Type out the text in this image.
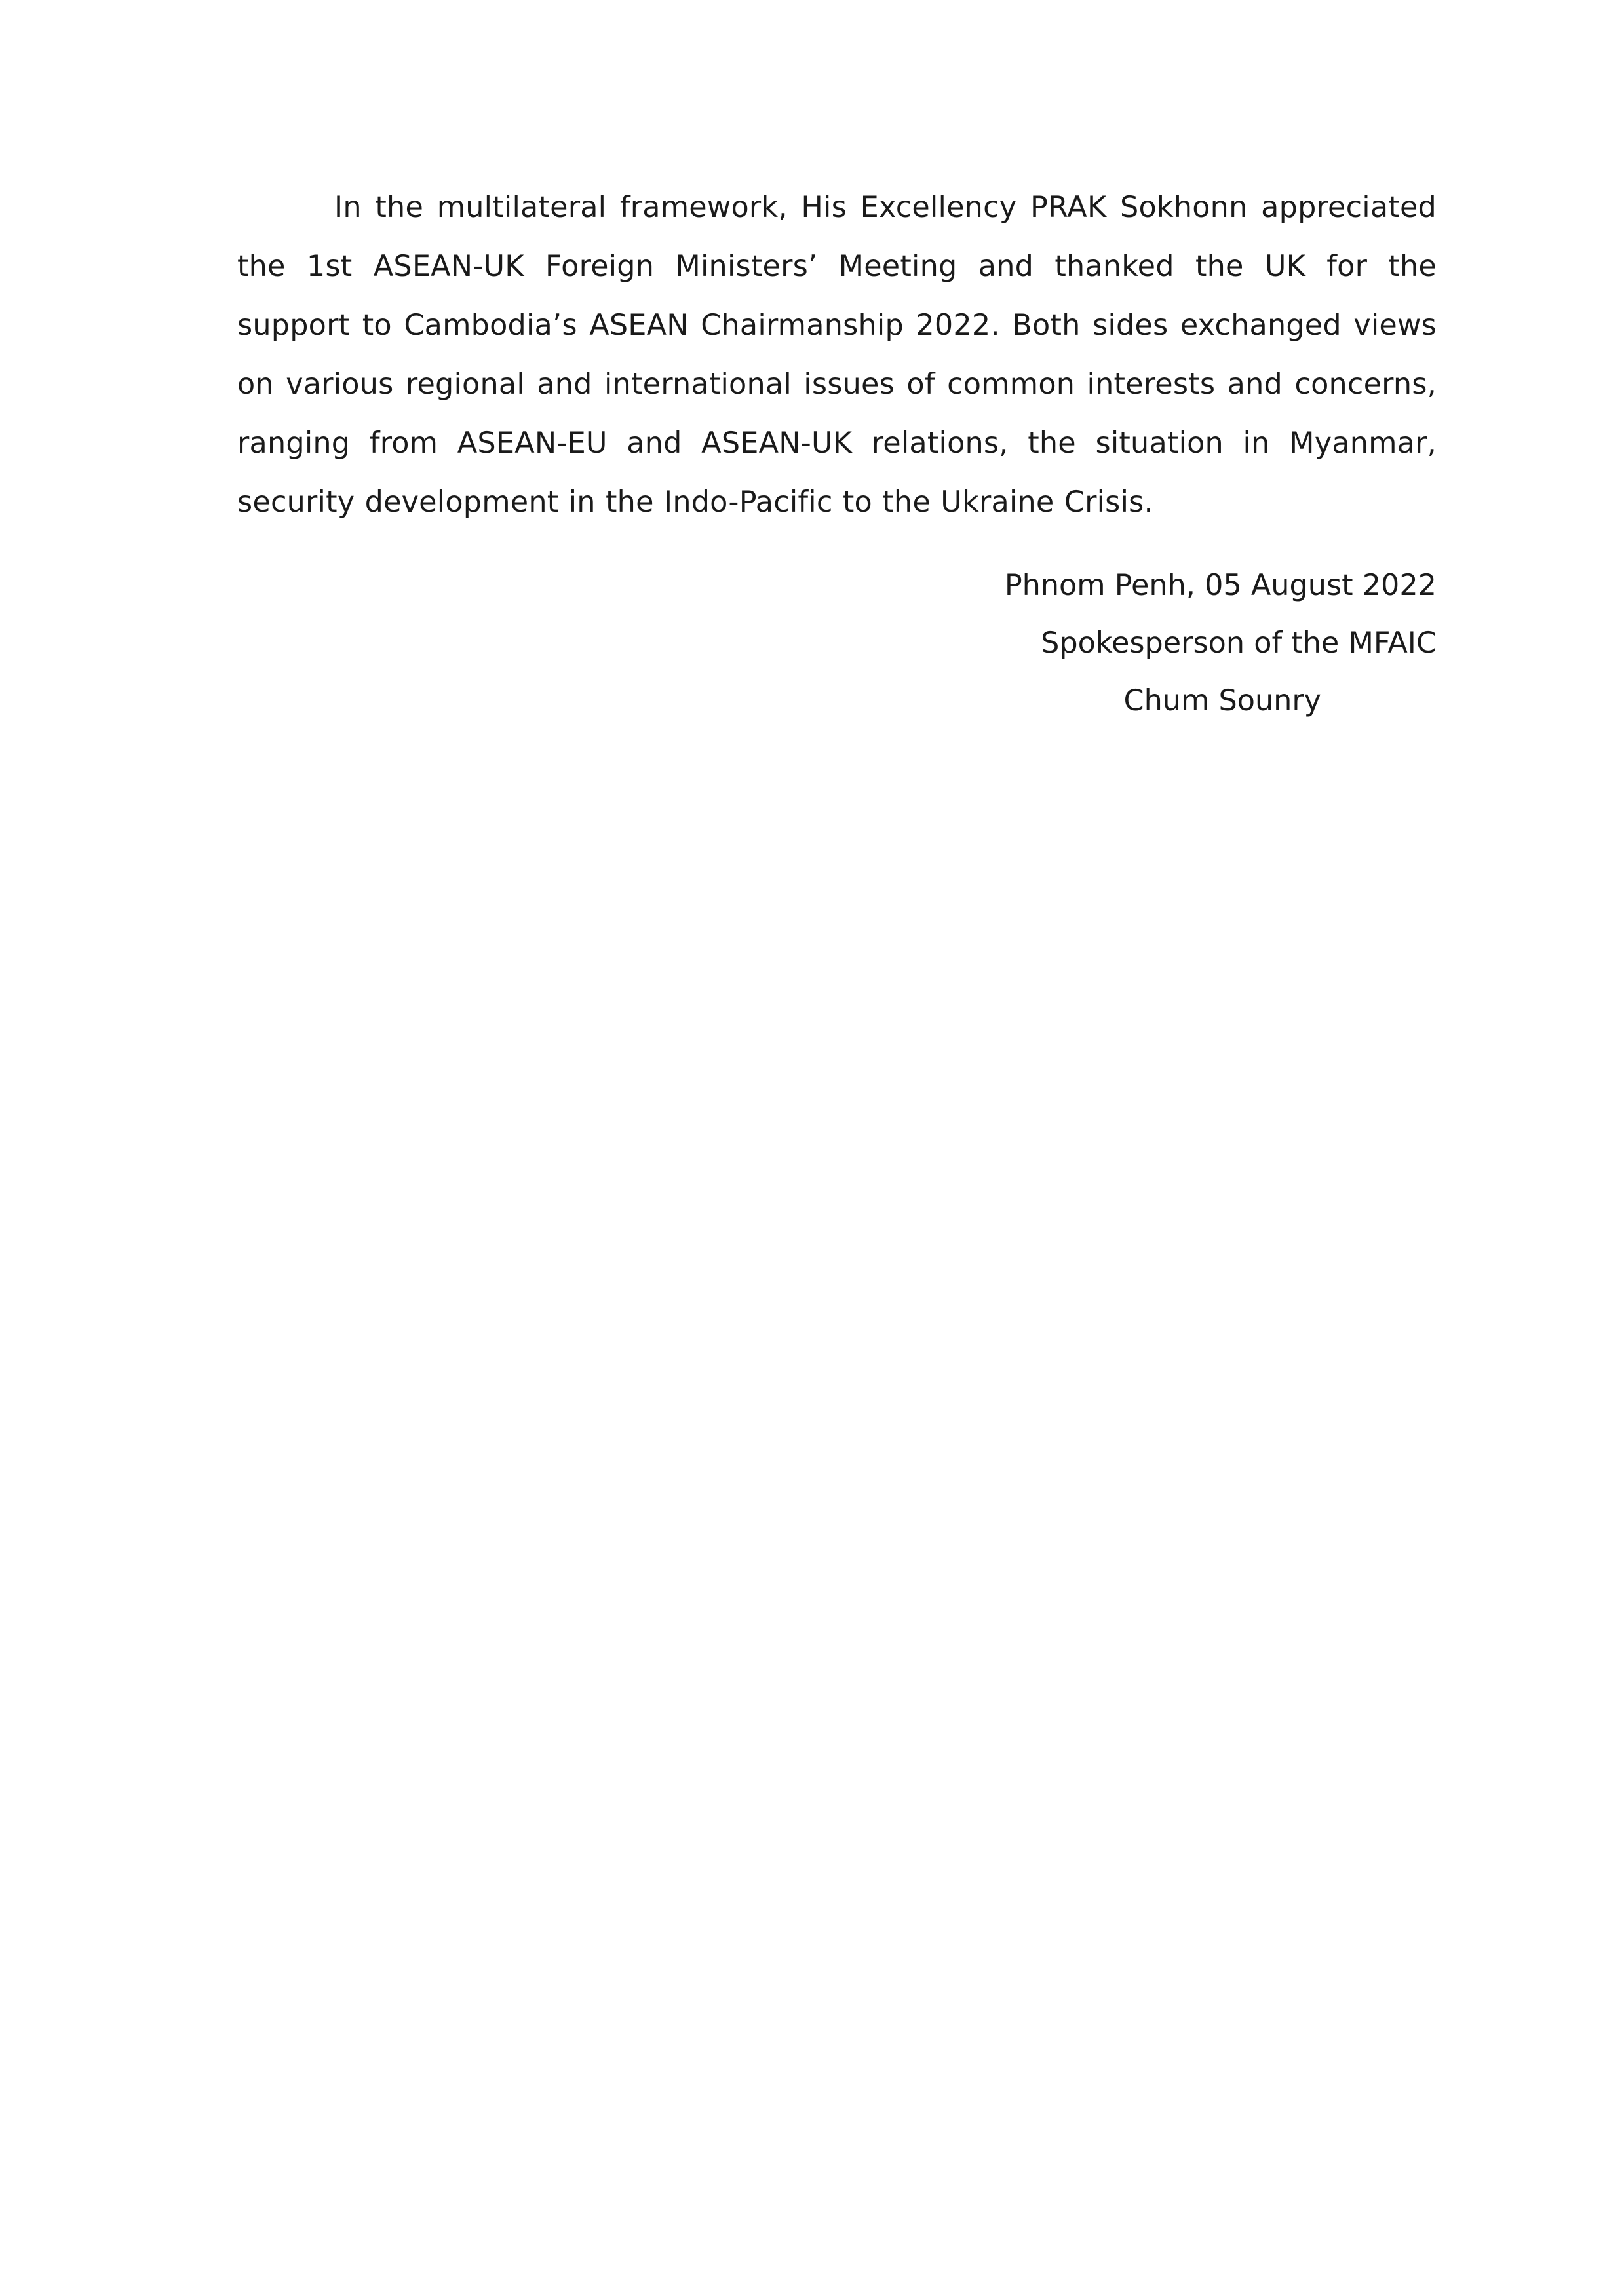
In the multilateral framework, His Excellency PRAK Sokhonn appreciated the 1st ASEAN-UK Foreign Ministers’ Meeting and thanked the UK for the support to Cambodia’s ASEAN Chairmanship 2022. Both sides exchanged views on various regional and international issues of common interests and concerns, ranging from ASEAN-EU and ASEAN-UK relations, the situation in Myanmar, security development in the Indo-Pacific to the Ukraine Crisis.

Phnom Penh, 05 August 2022
Spokesperson of the MFAIC
Chum Sounry
